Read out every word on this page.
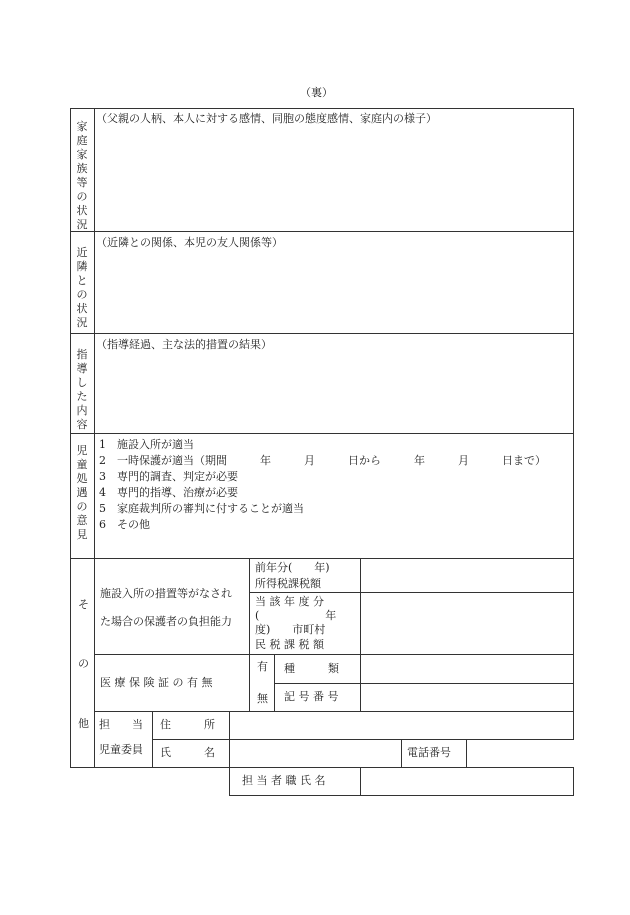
（裏）
家庭家族等の状況
（父親の人柄、本人に対する感情、同胞の態度感情、家庭内の様子）
近隣との状況
（近隣との関係、本児の友人関係等）
指導した内容
（指導経過、主な法的措置の結果）
児童処遇の意見
1　施設入所が適当
2　一時保護が適当（期間　　　年　　　月　　　日から　　　年　　　月　　　日まで）
3　専門的調査、判定が必要
4　専門的指導、治療が必要
5　家庭裁判所の審判に付することが適当
6　その他
そ
の
他
施設入所の措置等がなされ
た場合の保護者の負担能力
前年分(　　年)
所得税課税額
当 該 年 度 分
(　　　　　　年
度)　　市町村
民 税 課 税 額
医 療 保 険 証 の 有 無
有
無
種　　　類
記 号 番 号
担　　当
児童委員
住　　　所
氏　　　名	電話番号
担 当 者 職 氏 名
